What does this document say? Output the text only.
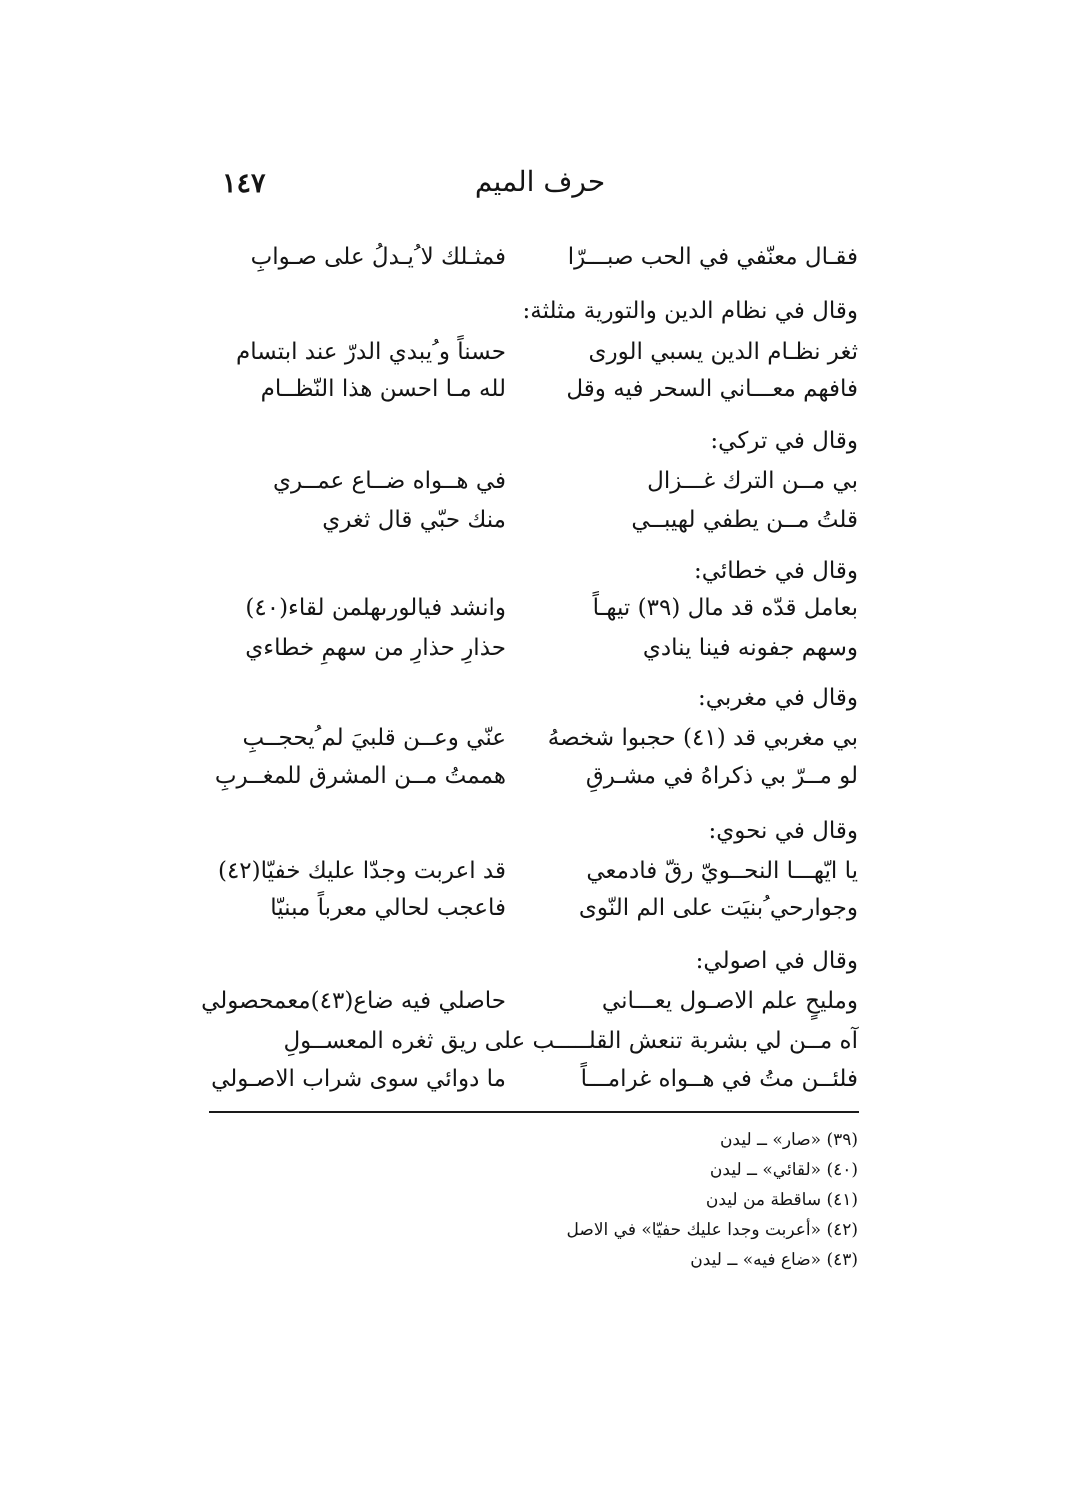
١٤٧	حرف الميم
فقـال معنّفي في الحب صبـــرّا
فمثـلك لا ُيـدلُ على صـوابِ
وقال في نظام الدين والتورية مثلثة:
ثغر نظـام الدين يسبي الورى
حسناً و ُيبدي الدرّ عند ابتسام
فافهم معـــاني السحر فيه وقل
لله مـا احسن هذا النّظــام
وقال في تركي:
بي مــن الترك غـــزال
في هــواه ضــاع عمــري
قلتُ مــن يطفي لهيبــي
منك حبّي قال ثغري
وقال في خطائي:
بعامل قدّه قد مال (٣٩) تيهـاً
وانشد فيالورىهلمن لقاء(٤٠)
وسهم جفونه فينا ينادي
حذارِ حذارِ من سهمِ خطاءي
وقال في مغربي:
بي مغربي قد (٤١) حجبوا شخصهُ
عنّي وعــن قلبيَ لم ُيحجــبِ
لو مــرّ بي ذكراهُ في مشـرقِ
هممتُ مــن المشرق للمغــربِ
وقال في نحوي:
يا ايّهـــا النحــويّ رقّ فادمعي
قد اعربت وجدّا عليك خفيّا(٤٢)
وجوارحي ُبنيَت على الم النّوى
فاعجب لحالي معرباً مبنيّا
وقال في اصولي:
ومليحٍ علم الاصـول يعـــاني
حاصلي فيه ضاع(٤٣)معمحصولي
آه مــن لي بشربة تنعش القلـــــب على ريق ثغره المعســولِ
فلئــن متُ في هــواه غرامـــاً
ما دوائي سوى شراب الاصـولي
(٣٩) «صار» ــ ليدن
(٤٠) «لقائي» ــ ليدن
(٤١) ساقطة من ليدن
(٤٢) «أعربت وجدا عليك حفيّا» في الاصل
(٤٣) «ضاع فيه» ــ ليدن
